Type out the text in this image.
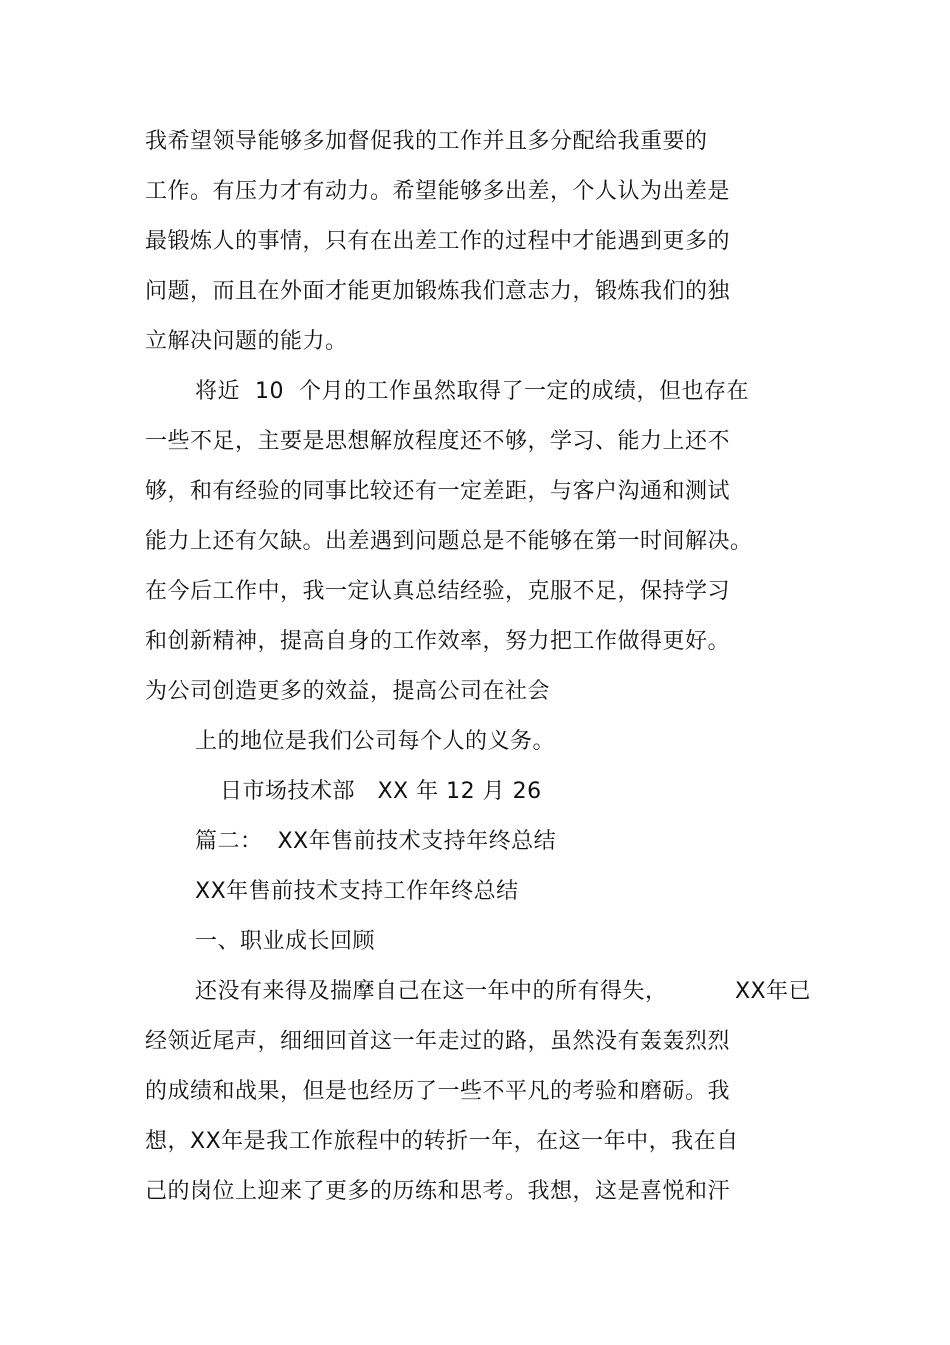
我希望领导能够多加督促我的工作并且多分配给我重要的
工作。有压力才有动力。希望能够多出差，个人认为出差是
最锻炼人的事情，只有在出差工作的过程中才能遇到更多的
问题，而且在外面才能更加锻炼我们意志力，锻炼我们的独
立解决问题的能力。
将近  10  个月的工作虽然取得了一定的成绩，但也存在
一些不足，主要是思想解放程度还不够，学习、能力上还不
够，和有经验的同事比较还有一定差距，与客户沟通和测试
能力上还有欠缺。出差遇到问题总是不能够在第一时间解决。
在今后工作中，我一定认真总结经验，克服不足，保持学习
和创新精神，提高自身的工作效率，努力把工作做得更好。
为公司创造更多的效益，提高公司在社会
上的地位是我们公司每个人的义务。
日市场技术部   XX 年 12 月 26
篇二：  XX年售前技术支持年终总结
XX年售前技术支持工作年终总结
一、职业成长回顾
还没有来得及揣摩自己在这一年中的所有得失，         XX年已
经领近尾声，细细回首这一年走过的路，虽然没有轰轰烈烈
的成绩和战果，但是也经历了一些不平凡的考验和磨砺。我
想，XX年是我工作旅程中的转折一年，在这一年中，我在自
己的岗位上迎来了更多的历练和思考。我想，这是喜悦和汗
